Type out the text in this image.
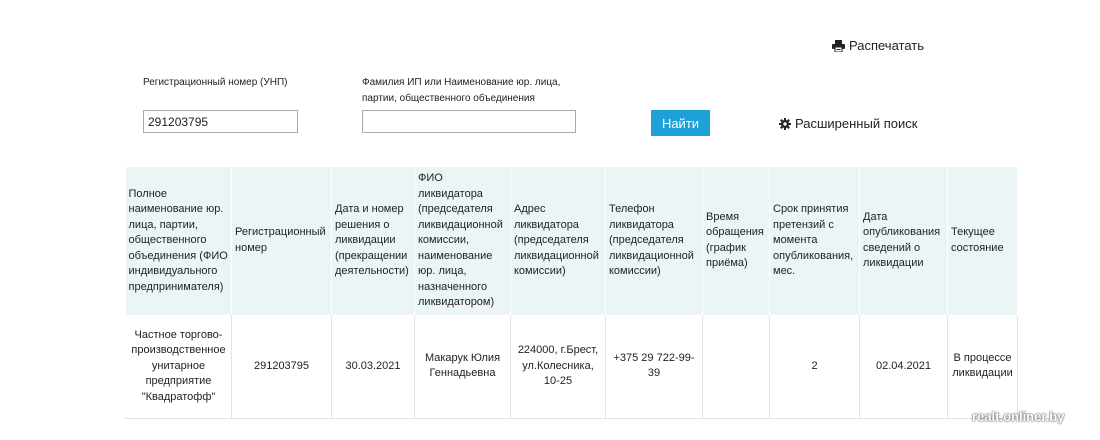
Распечатать
Регистрационный номер (УНП)	Фамилия ИП или Наименование юр. лица, партии, общественного объединения
291203795
Найти	Расширенный поиск
Полное наименование юр. лица, партии, общественного объединения (ФИО индивидуального предпринимателя)	Регистрационный номер	Дата и номер решения о ликвидации (прекращении деятельности)	ФИО ликвидатора (председателя ликвидационной комиссии, наименование юр. лица, назначенного ликвидатором)	Адрес ликвидатора (председателя ликвидационной комиссии)	Телефон ликвидатора (председателя ликвидационной комиссии)	Время обращения (график приёма)	Срок принятия претензий с момента опубликования, мес.	Дата опубликования сведений о ликвидации	Текущее состояние
Частное торгово-производственное унитарное предприятие "Квадратофф"	291203795	30.03.2021	Макарук Юлия Геннадьевна	224000, г.Брест, ул.Колесника, 10-25	+375 29 722-99-39		2	02.04.2021	В процессе ликвидации
realt.onliner.by
